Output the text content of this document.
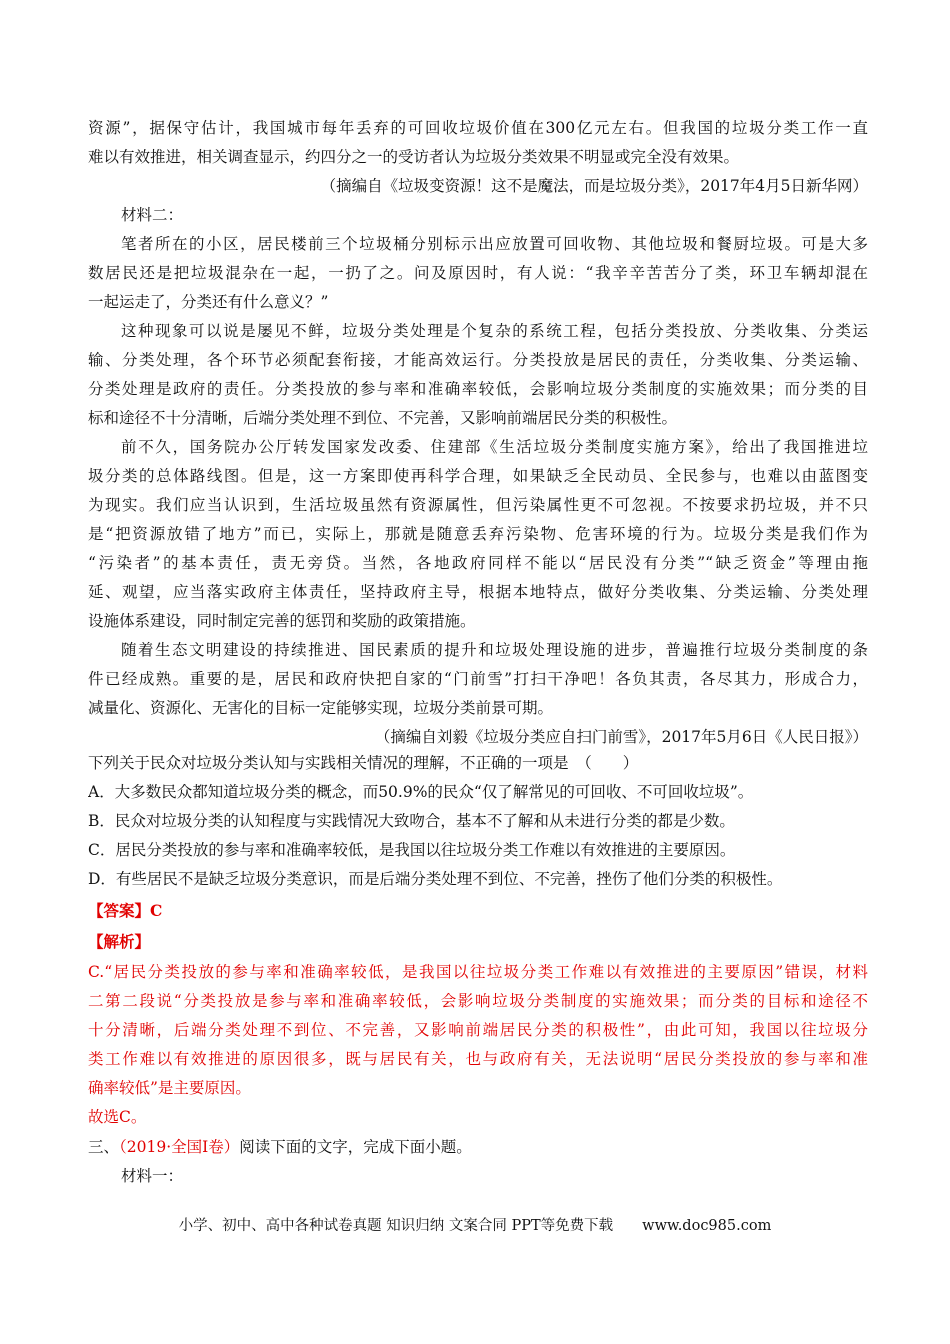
资源”，据保守估计，我国城市每年丢弃的可回收垃圾价值在300亿元左右。但我国的垃圾分类工作一直
难以有效推进，相关调查显示，约四分之一的受访者认为垃圾分类效果不明显或完全没有效果。
（摘编自《垃圾变资源！这不是魔法，而是垃圾分类》，2017年4月5日新华网）
材料二：
笔者所在的小区，居民楼前三个垃圾桶分别标示出应放置可回收物、其他垃圾和餐厨垃圾。可是大多
数居民还是把垃圾混杂在一起，一扔了之。问及原因时，有人说：“我辛辛苦苦分了类，环卫车辆却混在
一起运走了，分类还有什么意义？”
这种现象可以说是屡见不鲜，垃圾分类处理是个复杂的系统工程，包括分类投放、分类收集、分类运
输、分类处理，各个环节必须配套衔接，才能高效运行。分类投放是居民的责任，分类收集、分类运输、
分类处理是政府的责任。分类投放的参与率和准确率较低，会影响垃圾分类制度的实施效果；而分类的目
标和途径不十分清晰，后端分类处理不到位、不完善，又影响前端居民分类的积极性。
前不久，国务院办公厅转发国家发改委、住建部《生活垃圾分类制度实施方案》，给出了我国推进垃
圾分类的总体路线图。但是，这一方案即使再科学合理，如果缺乏全民动员、全民参与，也难以由蓝图变
为现实。我们应当认识到，生活垃圾虽然有资源属性，但污染属性更不可忽视。不按要求扔垃圾，并不只
是“把资源放错了地方”而已，实际上，那就是随意丢弃污染物、危害环境的行为。垃圾分类是我们作为
“污染者”的基本责任，责无旁贷。当然，各地政府同样不能以“居民没有分类”“缺乏资金”等理由拖
延、观望，应当落实政府主体责任，坚持政府主导，根据本地特点，做好分类收集、分类运输、分类处理
设施体系建设，同时制定完善的惩罚和奖励的政策措施。
随着生态文明建设的持续推进、国民素质的提升和垃圾处理设施的进步，普遍推行垃圾分类制度的条
件已经成熟。重要的是，居民和政府快把自家的“门前雪”打扫干净吧！各负其责，各尽其力，形成合力，
减量化、资源化、无害化的目标一定能够实现，垃圾分类前景可期。
（摘编自刘毅《垃圾分类应自扫门前雪》，2017年5月6日《人民日报》）
下列关于民众对垃圾分类认知与实践相关情况的理解，不正确的一项是　（　　）
A．大多数民众都知道垃圾分类的概念，而50.9%的民众“仅了解常见的可回收、不可回收垃圾”。
B．民众对垃圾分类的认知程度与实践情况大致吻合，基本不了解和从未进行分类的都是少数。
C．居民分类投放的参与率和准确率较低，是我国以往垃圾分类工作难以有效推进的主要原因。
D．有些居民不是缺乏垃圾分类意识，而是后端分类处理不到位、不完善，挫伤了他们分类的积极性。
【答案】C
【解析】
C.“居民分类投放的参与率和准确率较低，是我国以往垃圾分类工作难以有效推进的主要原因”错误，材料
二第二段说“分类投放是参与率和准确率较低，会影响垃圾分类制度的实施效果；而分类的目标和途径不
十分清晰，后端分类处理不到位、不完善，又影响前端居民分类的积极性”，由此可知，我国以往垃圾分
类工作难以有效推进的原因很多，既与居民有关，也与政府有关，无法说明“居民分类投放的参与率和准
确率较低”是主要原因。
故选C。
三、（2019·全国I卷）阅读下面的文字，完成下面小题。
材料一：
小学、初中、高中各种试卷真题 知识归纳 文案合同 PPT等免费下载　　www.doc985.com
